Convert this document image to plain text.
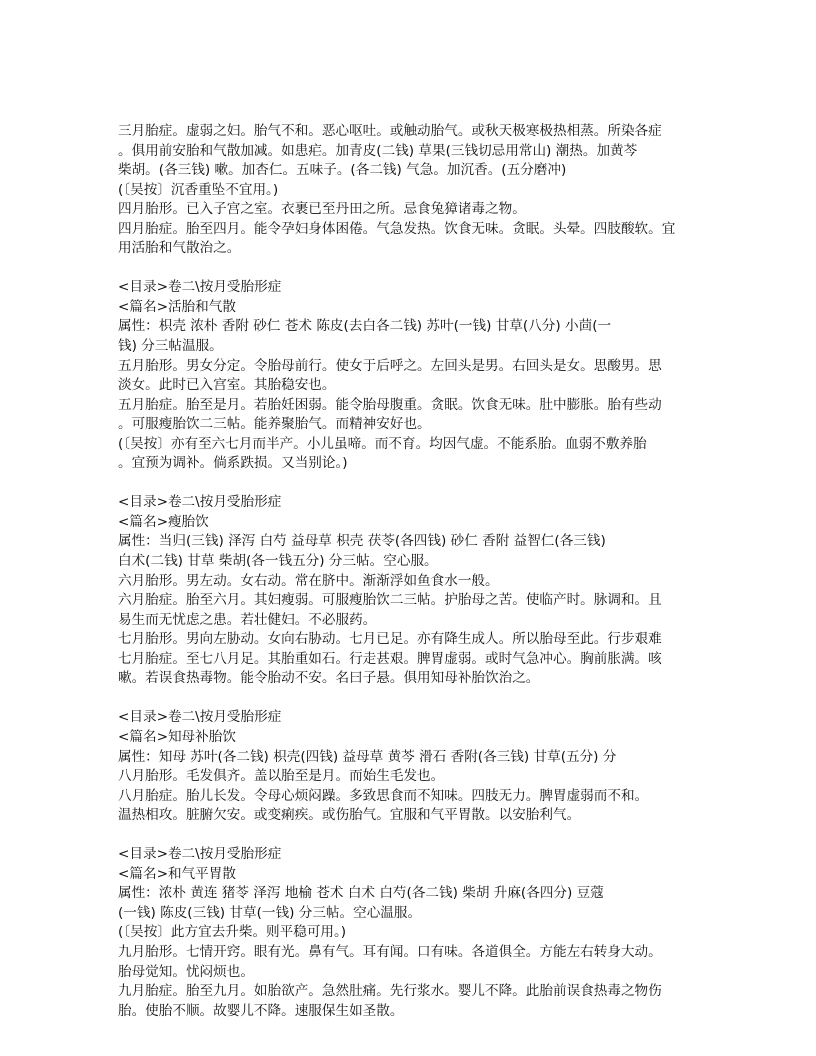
三月胎症。虚弱之妇。胎气不和。恶心呕吐。或触动胎气。或秋天极寒极热相蒸。所染各症
。俱用前安胎和气散加减。如患疟。加青皮(二钱) 草果(三钱切忌用常山) 潮热。加黄芩
柴胡。(各三钱) 嗽。加杏仁。五味子。(各二钱) 气急。加沉香。(五分磨冲)
(〔吴按〕沉香重坠不宜用。)
四月胎形。已入子宫之室。衣裹已至丹田之所。忌食兔獐诸毒之物。
四月胎症。胎至四月。能令孕妇身体困倦。气急发热。饮食无味。贪眠。头晕。四肢酸软。宜
用活胎和气散治之。
<目录>卷二\按月受胎形症
<篇名>活胎和气散
属性：枳壳 浓朴 香附 砂仁 苍术 陈皮(去白各二钱) 苏叶(一钱) 甘草(八分) 小茴(一
钱) 分三帖温服。
五月胎形。男女分定。令胎母前行。使女于后呼之。左回头是男。右回头是女。思酸男。思
淡女。此时已入宫室。其胎稳安也。
五月胎症。胎至是月。若胎妊困弱。能令胎母腹重。贪眠。饮食无味。肚中膨胀。胎有些动
。可服瘦胎饮二三帖。能养聚胎气。而精神安好也。
(〔吴按〕亦有至六七月而半产。小儿虽啼。而不育。均因气虚。不能系胎。血弱不敷养胎
。宜预为调补。倘系跌损。又当别论。)
<目录>卷二\按月受胎形症
<篇名>瘦胎饮
属性：当归(三钱) 泽泻 白芍 益母草 枳壳 茯苓(各四钱) 砂仁 香附 益智仁(各三钱)
白术(二钱) 甘草 柴胡(各一钱五分) 分三帖。空心服。
六月胎形。男左动。女右动。常在脐中。渐渐浮如鱼食水一般。
六月胎症。胎至六月。其妇瘦弱。可服瘦胎饮二三帖。护胎母之苦。使临产时。脉调和。且
易生而无忧虑之患。若壮健妇。不必服药。
七月胎形。男向左胁动。女向右胁动。七月已足。亦有降生成人。所以胎母至此。行步艰难
七月胎症。至七八月足。其胎重如石。行走甚艰。脾胃虚弱。或时气急冲心。胸前胀满。咳
嗽。若误食热毒物。能令胎动不安。名曰子悬。俱用知母补胎饮治之。
<目录>卷二\按月受胎形症
<篇名>知母补胎饮
属性：知母 苏叶(各二钱) 枳壳(四钱) 益母草 黄芩 滑石 香附(各三钱) 甘草(五分) 分
八月胎形。毛发俱齐。盖以胎至是月。而始生毛发也。
八月胎症。胎儿长发。令母心烦闷躁。多致思食而不知味。四肢无力。脾胃虚弱而不和。
温热相攻。脏腑欠安。或变痢疾。或伤胎气。宜服和气平胃散。以安胎利气。
<目录>卷二\按月受胎形症
<篇名>和气平胃散
属性：浓朴 黄连 猪苓 泽泻 地榆 苍术 白术 白芍(各二钱) 柴胡 升麻(各四分) 豆蔻
(一钱) 陈皮(三钱) 甘草(一钱) 分三帖。空心温服。
(〔吴按〕此方宜去升柴。则平稳可用。)
九月胎形。七情开窍。眼有光。鼻有气。耳有闻。口有味。各道俱全。方能左右转身大动。
胎母觉知。忧闷烦也。
九月胎症。胎至九月。如胎欲产。急然肚痛。先行浆水。婴儿不降。此胎前误食热毒之物伤
胎。使胎不顺。故婴儿不降。速服保生如圣散。
